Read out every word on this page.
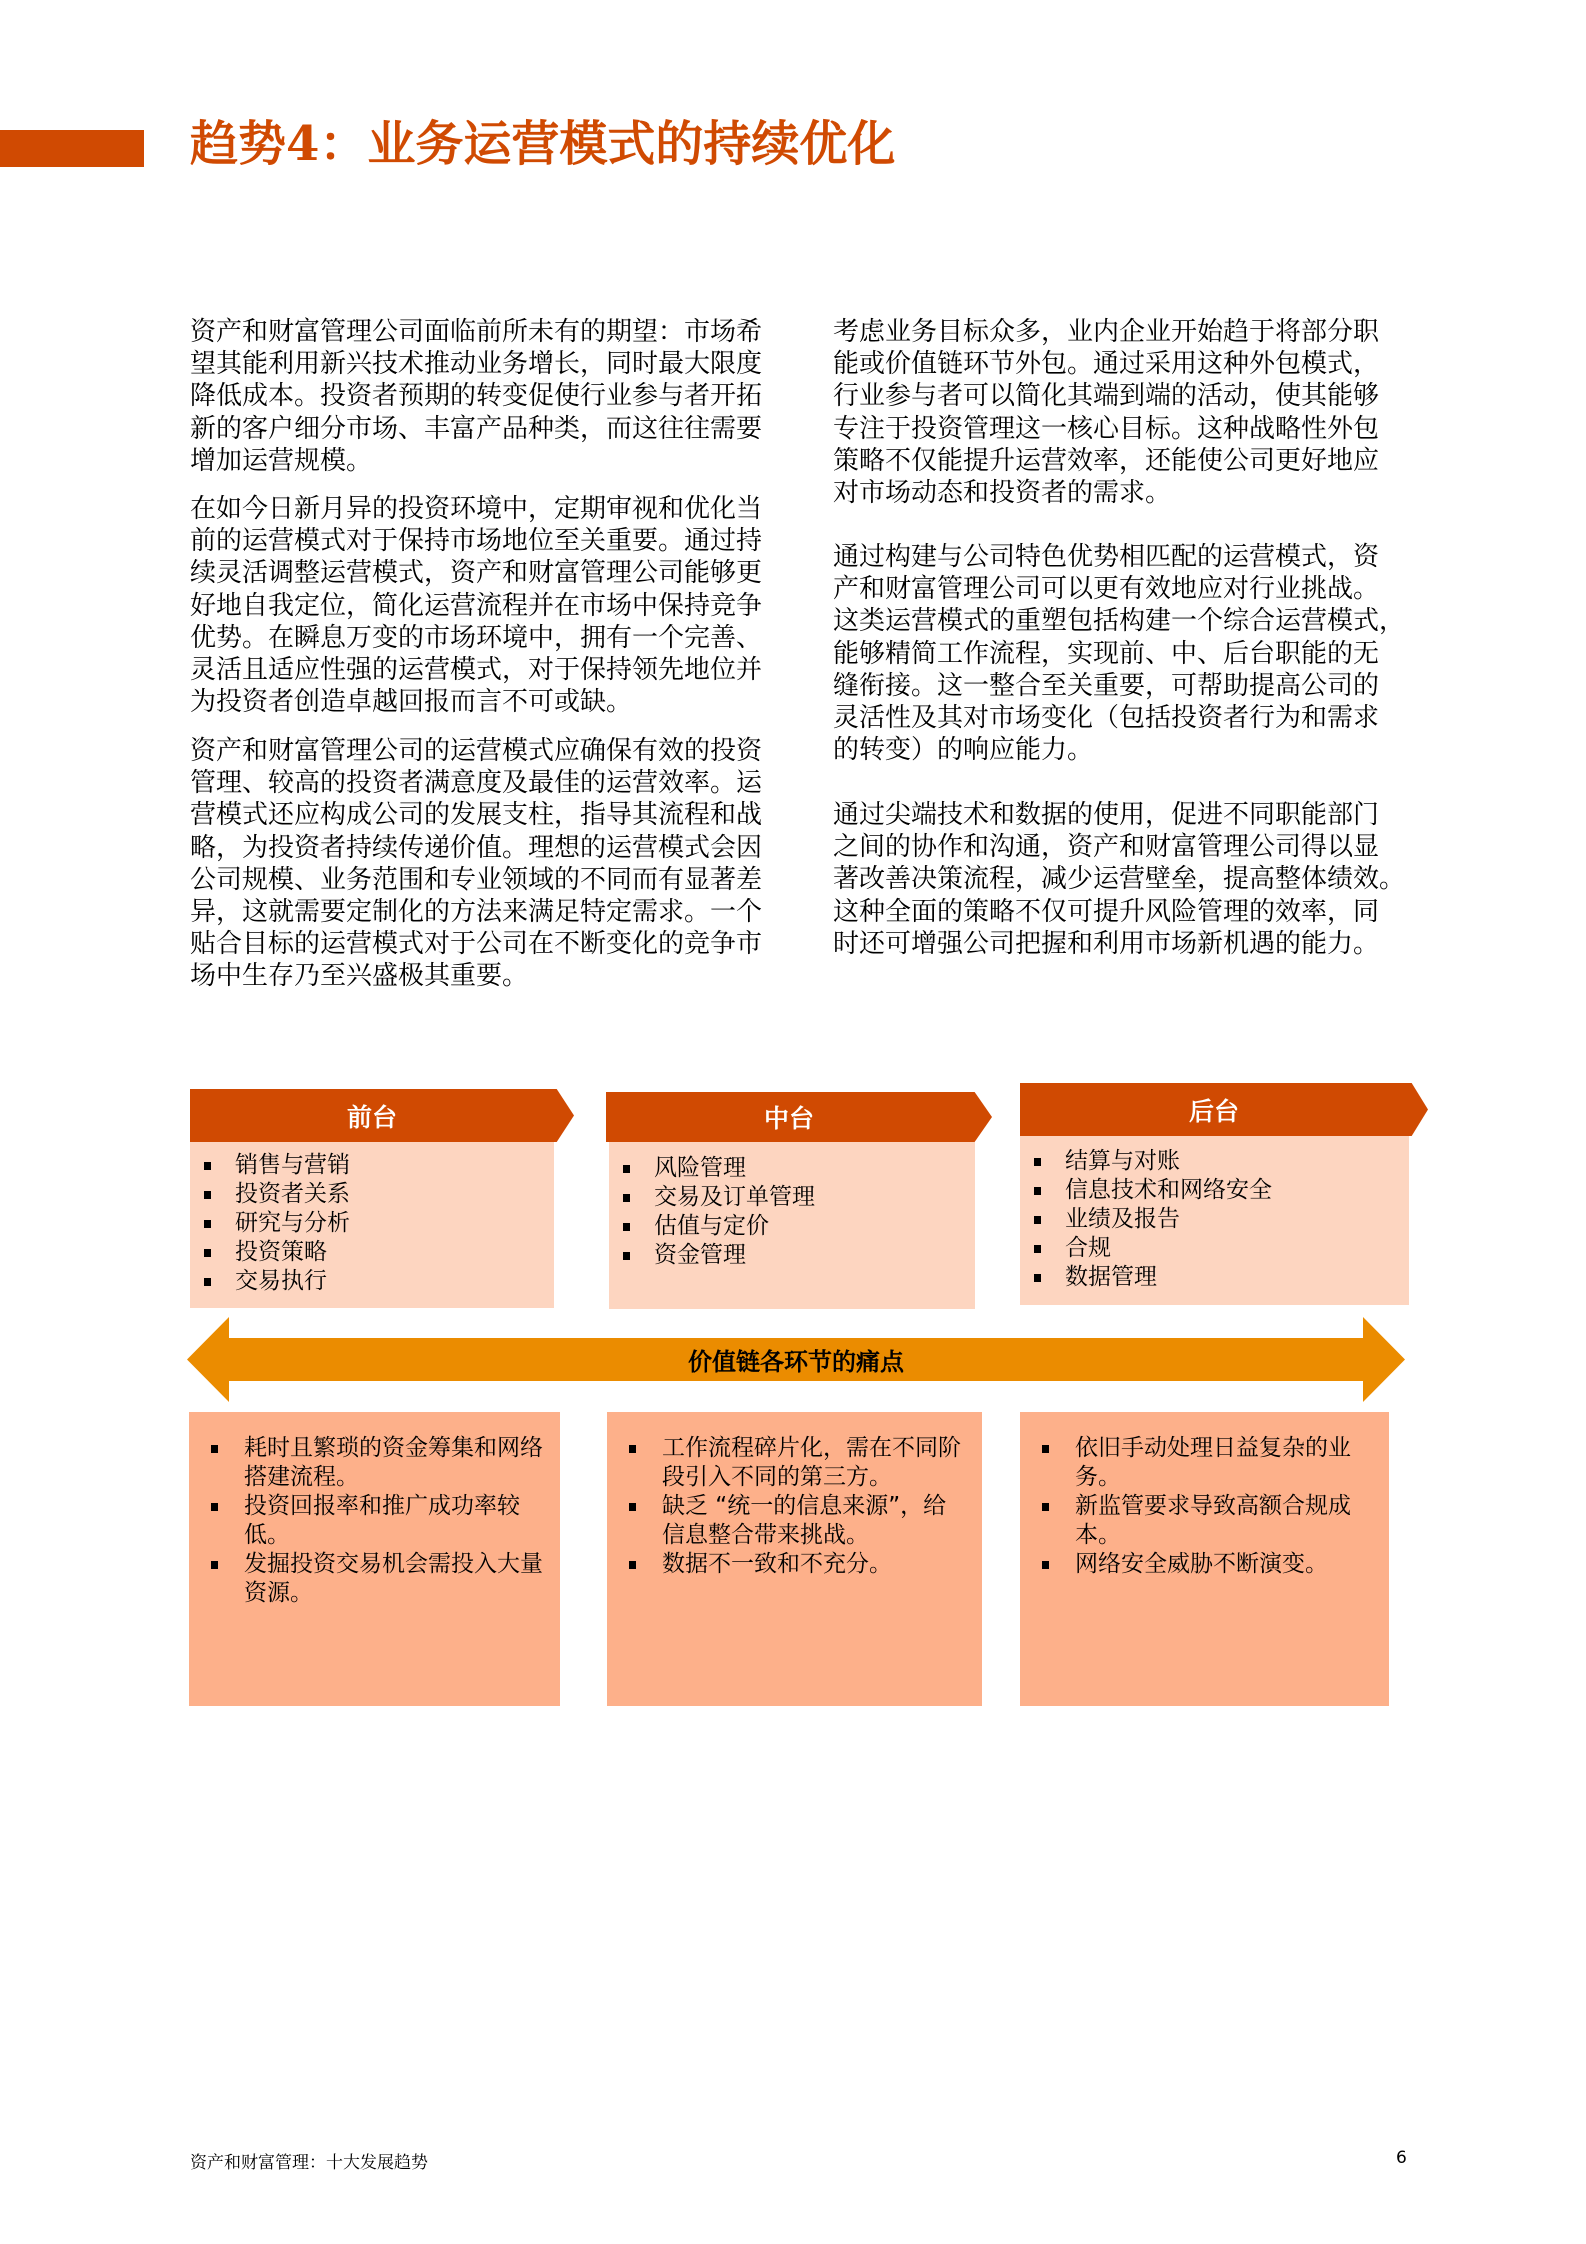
趋势4：业务运营模式的持续优化
资产和财富管理公司面临前所未有的期望：市场希
望其能利用新兴技术推动业务增长，同时最大限度
降低成本。投资者预期的转变促使行业参与者开拓
新的客户细分市场、丰富产品种类，而这往往需要
增加运营规模。
在如今日新月异的投资环境中，定期审视和优化当
前的运营模式对于保持市场地位至关重要。通过持
续灵活调整运营模式，资产和财富管理公司能够更
好地自我定位，简化运营流程并在市场中保持竞争
优势。在瞬息万变的市场环境中，拥有一个完善、
灵活且适应性强的运营模式，对于保持领先地位并
为投资者创造卓越回报而言不可或缺。
资产和财富管理公司的运营模式应确保有效的投资
管理、较高的投资者满意度及最佳的运营效率。运
营模式还应构成公司的发展支柱，指导其流程和战
略，为投资者持续传递价值。理想的运营模式会因
公司规模、业务范围和专业领域的不同而有显著差
异，这就需要定制化的方法来满足特定需求。一个
贴合目标的运营模式对于公司在不断变化的竞争市
场中生存乃至兴盛极其重要。
考虑业务目标众多，业内企业开始趋于将部分职
能或价值链环节外包。通过采用这种外包模式，
行业参与者可以简化其端到端的活动，使其能够
专注于投资管理这一核心目标。这种战略性外包
策略不仅能提升运营效率，还能使公司更好地应
对市场动态和投资者的需求。
通过构建与公司特色优势相匹配的运营模式，资
产和财富管理公司可以更有效地应对行业挑战。
这类运营模式的重塑包括构建一个综合运营模式，
能够精简工作流程，实现前、中、后台职能的无
缝衔接。这一整合至关重要，可帮助提高公司的
灵活性及其对市场变化（包括投资者行为和需求
的转变）的响应能力。
通过尖端技术和数据的使用，促进不同职能部门
之间的协作和沟通，资产和财富管理公司得以显
著改善决策流程，减少运营壁垒，提高整体绩效。
这种全面的策略不仅可提升风险管理的效率，同
时还可增强公司把握和利用市场新机遇的能力。
前台
销售与营销
投资者关系
研究与分析
投资策略
交易执行
中台
风险管理
交易及订单管理
估值与定价
资金管理
后台
结算与对账
信息技术和网络安全
业绩及报告
合规
数据管理
价值链各环节的痛点
耗时且繁琐的资金筹集和网络搭建流程。
投资回报率和推广成功率较低。
发掘投资交易机会需投入大量资源。
工作流程碎片化，需在不同阶段引入不同的第三方。
缺乏 “统一的信息来源”，给信息整合带来挑战。
数据不一致和不充分。
依旧手动处理日益复杂的业务。
新监管要求导致高额合规成本。
网络安全威胁不断演变。
资产和财富管理：十大发展趋势	6
